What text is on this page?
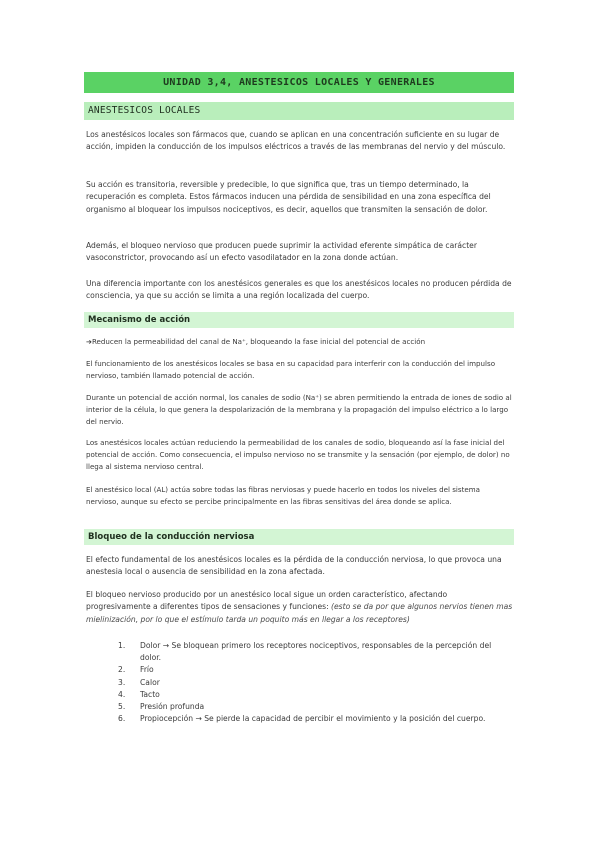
UNIDAD 3,4, ANESTESICOS LOCALES Y GENERALES
ANESTESICOS LOCALES

Los anestésicos locales son fármacos que, cuando se aplican en una concentración suficiente en su lugar de acción, impiden la conducción de los impulsos eléctricos a través de las membranas del nervio y del músculo.

Su acción es transitoria, reversible y predecible, lo que significa que, tras un tiempo determinado, la recuperación es completa. Estos fármacos inducen una pérdida de sensibilidad en una zona específica del organismo al bloquear los impulsos nociceptivos, es decir, aquellos que transmiten la sensación de dolor.

Además, el bloqueo nervioso que producen puede suprimir la actividad eferente simpática de carácter vasoconstrictor, provocando así un efecto vasodilatador en la zona donde actúan.

Una diferencia importante con los anestésicos generales es que los anestésicos locales no producen pérdida de consciencia, ya que su acción se limita a una región localizada del cuerpo.

Mecanismo de acción

➔Reducen la permeabilidad del canal de Na⁺, bloqueando la fase inicial del potencial de acción

El funcionamiento de los anestésicos locales se basa en su capacidad para interferir con la conducción del impulso nervioso, también llamado potencial de acción.

Durante un potencial de acción normal, los canales de sodio (Na⁺) se abren permitiendo la entrada de iones de sodio al interior de la célula, lo que genera la despolarización de la membrana y la propagación del impulso eléctrico a lo largo del nervio.

Los anestésicos locales actúan reduciendo la permeabilidad de los canales de sodio, bloqueando así la fase inicial del potencial de acción. Como consecuencia, el impulso nervioso no se transmite y la sensación (por ejemplo, de dolor) no llega al sistema nervioso central.

El anestésico local (AL) actúa sobre todas las fibras nerviosas y puede hacerlo en todos los niveles del sistema nervioso, aunque su efecto se percibe principalmente en las fibras sensitivas del área donde se aplica.

Bloqueo de la conducción nerviosa

El efecto fundamental de los anestésicos locales es la pérdida de la conducción nerviosa, lo que provoca una anestesia local o ausencia de sensibilidad en la zona afectada.

El bloqueo nervioso producido por un anestésico local sigue un orden característico, afectando progresivamente a diferentes tipos de sensaciones y funciones: (esto se da por que algunos nervios tienen mas mielinización, por lo que el estímulo tarda un poquito más en llegar a los receptores)

1.	Dolor → Se bloquean primero los receptores nociceptivos, responsables de la percepción del dolor.
2.	Frío
3.	Calor
4.	Tacto
5.	Presión profunda
6.	Propiocepción → Se pierde la capacidad de percibir el movimiento y la posición del cuerpo.
